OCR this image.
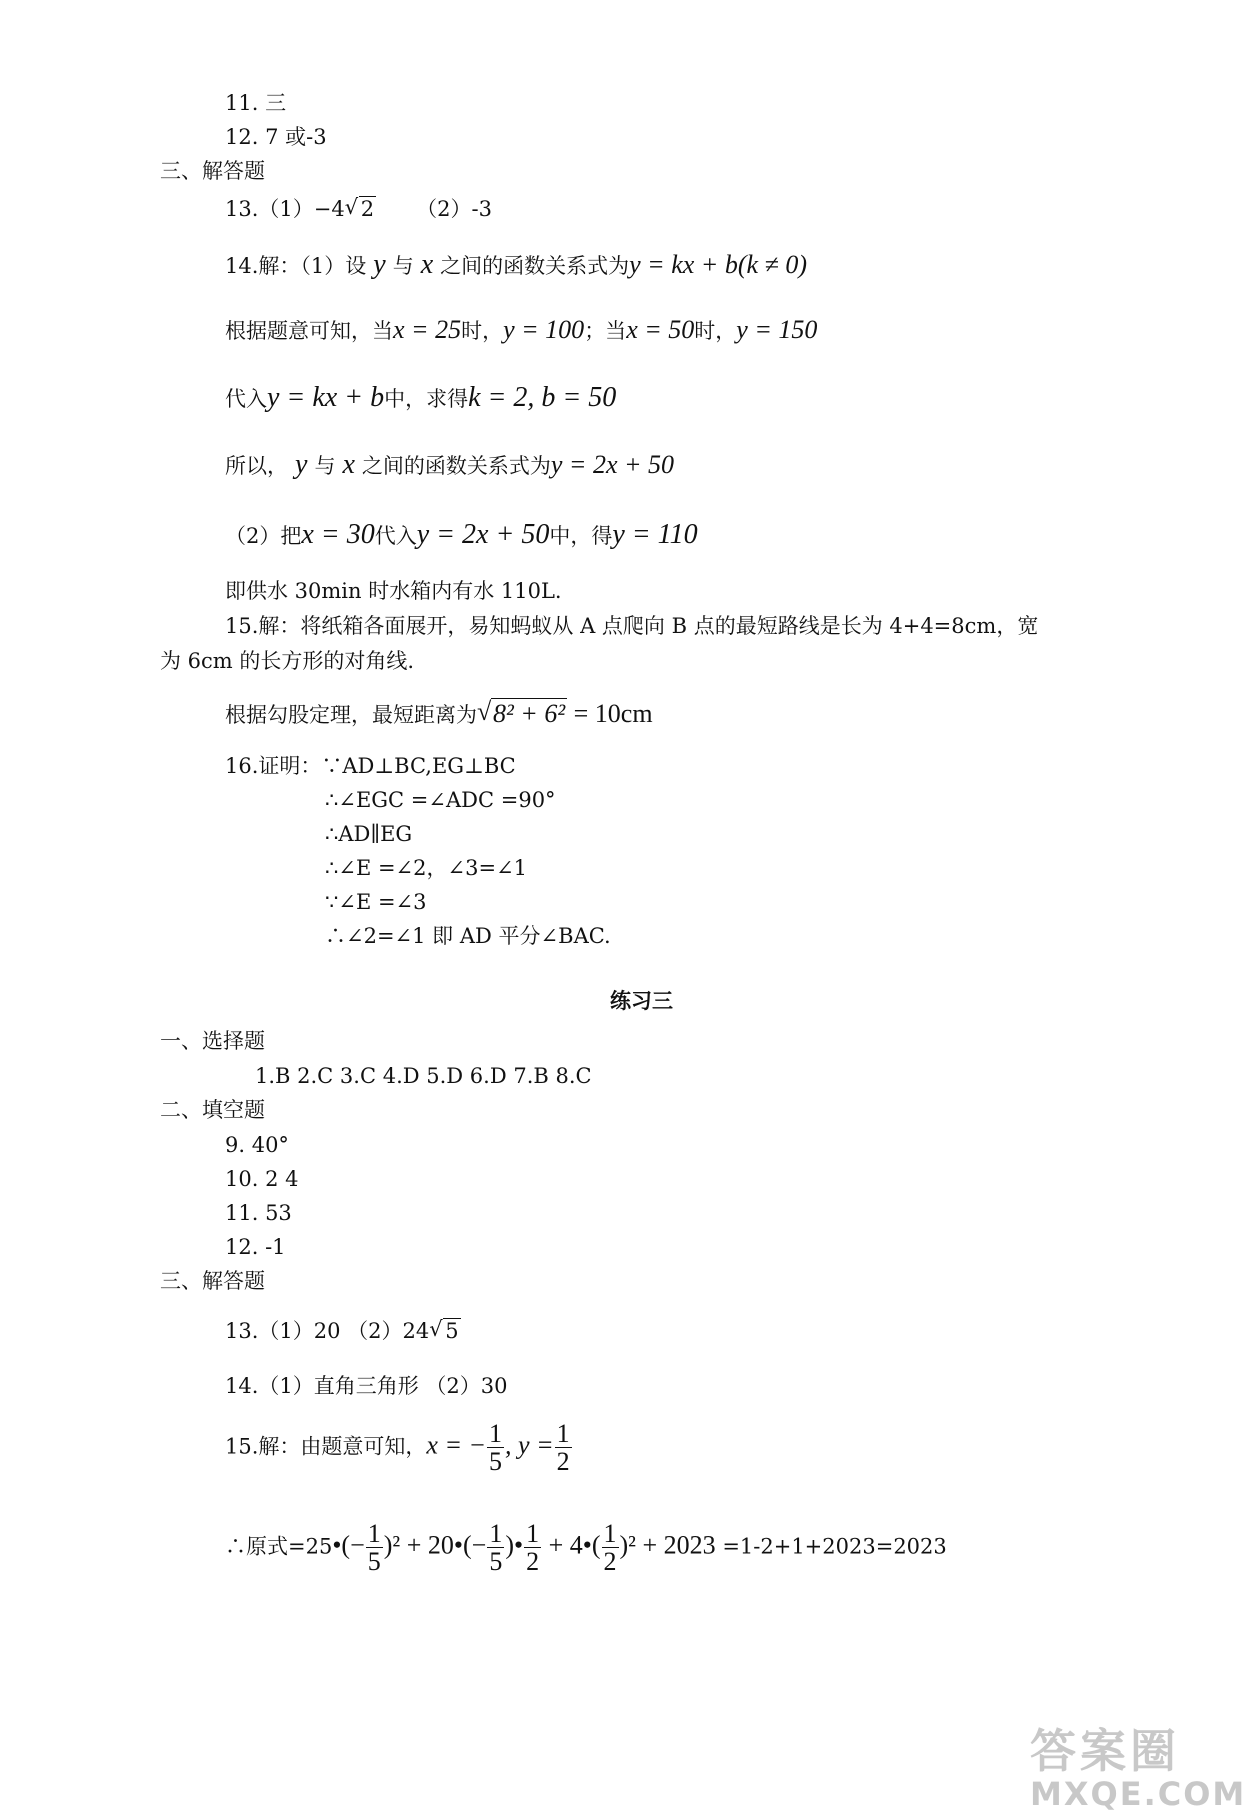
11. 三
12. 7 或-3
三、解答题
13.（1）−4 √ 2 （2）-3
14.解：（1）设 y 与 x 之间的函数关系式为y = kx + b(k ≠ 0)
根据题意可知，当x = 25时，y = 100；当x = 50时，y = 150
代入y = kx + b中，求得k = 2, b = 50
所以， y 与 x 之间的函数关系式为y = 2x + 50
（2）把x = 30代入y = 2x + 50中，得y = 110
即供水 30min 时水箱内有水 110L.
15.解：将纸箱各面展开，易知蚂蚁从 A 点爬向 B 点的最短路线是长为 4+4=8cm，宽
为 6cm 的长方形的对角线.
根据勾股定理，最短距离为 √ 8² + 6² = 10cm
16.证明：∵AD⊥BC,EG⊥BC
∴∠EGC =∠ADC =90°
∴AD∥EG
∴∠E =∠2，∠3=∠1
∵∠E =∠3
∴∠2=∠1 即 AD 平分∠BAC.
练习三
一、选择题
1.B 2.C 3.C 4.D 5.D 6.D 7.B 8.C
二、填空题
9. 40°
10. 2 4
11. 53
12. -1
三、解答题
13.（1）20 （2）24 √ 5
14.（1）直角三角形 （2）30
15.解：由题意可知，x = − $\frac{1}{5}$ , $y = \frac{1}{2}$
∴原式=25•(− $\frac{1}{5} )^2$ + 20•(− $\frac{1}{5}$ )• $\frac{1}{2}$ + 4•( $\frac{1}{2} )^2 + 2023 =1-2+1+2023=2023$
答案圈
MXQE.COM
